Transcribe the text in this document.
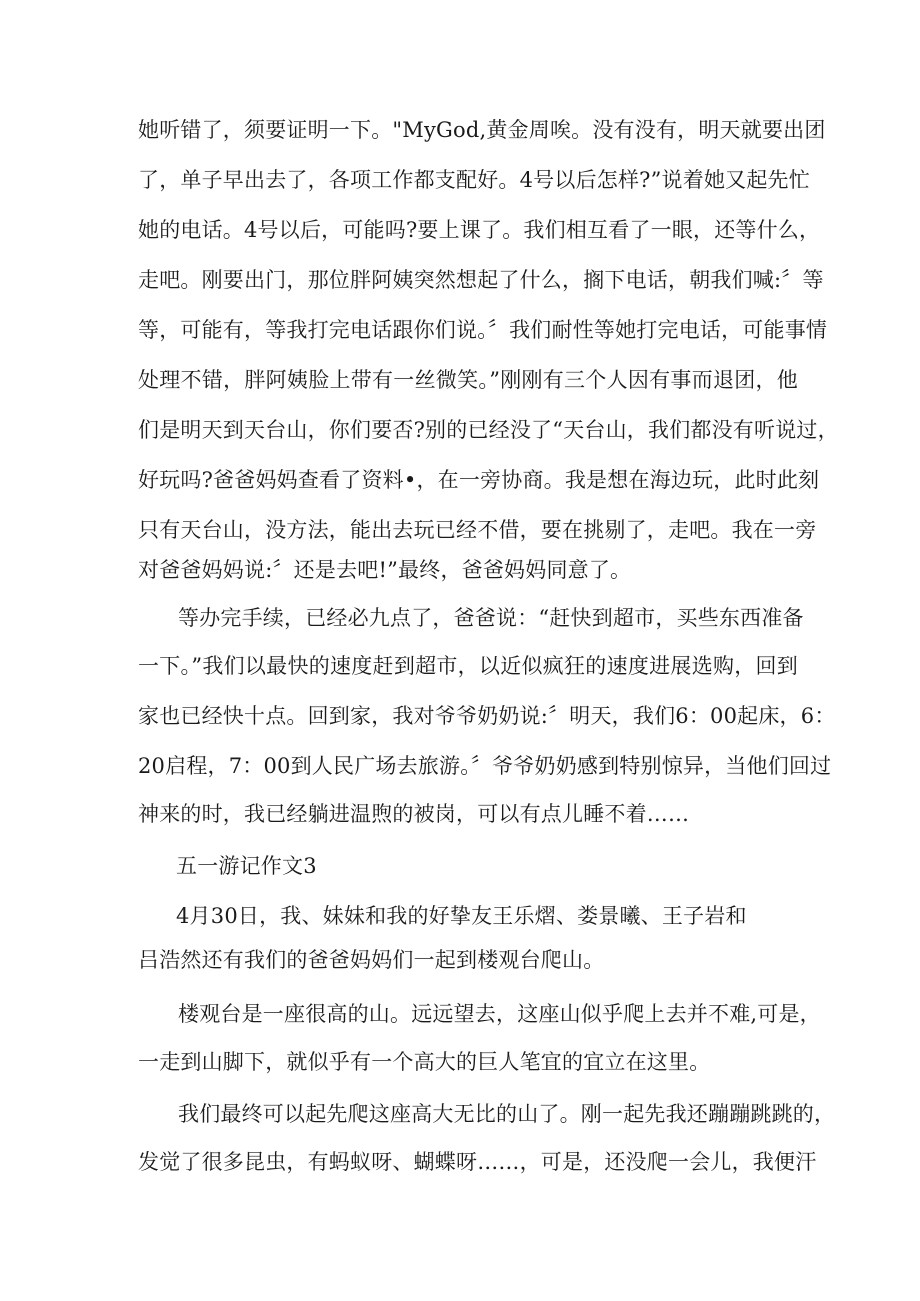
她听错了，须要证明一下。"MyGod,黄金周唉。没有没有，明天就要出团
了，单子早出去了，各项工作都支配好。4号以后怎样?”说着她又起先忙
她的电话。4号以后，可能吗?要上课了。我们相互看了一眼，还等什么，
走吧。刚要出门，那位胖阿姨突然想起了什么，搁下电话，朝我们喊:〞等
等，可能有，等我打完电话跟你们说。〞我们耐性等她打完电话，可能事情
处理不错，胖阿姨脸上带有一丝微笑。”刚刚有三个人因有事而退团，他
们是明天到天台山，你们要否?别的已经没了“天台山，我们都没有听说过，
好玩吗?爸爸妈妈查看了资料•，在一旁协商。我是想在海边玩，此时此刻
只有天台山，没方法，能出去玩已经不借，要在挑剔了，走吧。我在一旁
对爸爸妈妈说:〞还是去吧!”最终，爸爸妈妈同意了。
等办完手续，已经必九点了，爸爸说：“赶快到超市，买些东西准备
一下。”我们以最快的速度赶到超市，以近似疯狂的速度进展选购，回到
家也已经快十点。回到家，我对爷爷奶奶说:〞明天，我们6：00起床，6：
20启程，7：00到人民广场去旅游。〞爷爷奶奶感到特别惊异，当他们回过
神来的时，我已经躺进温煦的被岗，可以有点儿睡不着……
五一游记作文3
4月30日，我、妹妹和我的好挚友王乐熠、娄景曦、王子岩和
吕浩然还有我们的爸爸妈妈们一起到楼观台爬山。
楼观台是一座很高的山。远远望去，这座山似乎爬上去并不难,可是，
一走到山脚下，就似乎有一个高大的巨人笔宜的宜立在这里。
我们最终可以起先爬这座高大无比的山了。刚一起先我还蹦蹦跳跳的，
发觉了很多昆虫，有蚂蚁呀、蝴蝶呀……，可是，还没爬一会儿，我便汗
